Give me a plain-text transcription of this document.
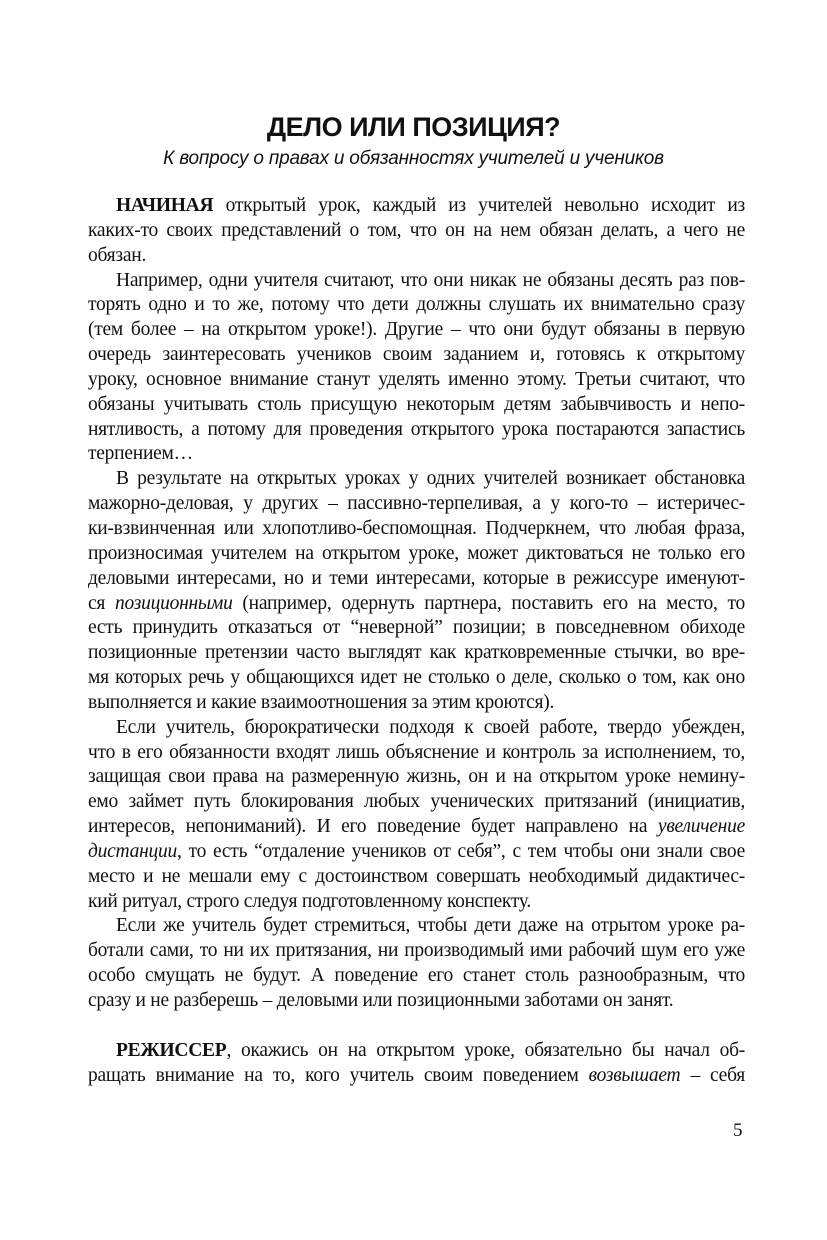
ДЕЛО ИЛИ ПОЗИЦИЯ?
К вопросу о правах и обязанностях учителей и учеников
НАЧИНАЯ открытый урок, каждый из учителей невольно исходит из
каких-то своих представлений о том, что он на нем обязан делать, а чего не
обязан.
Например, одни учителя считают, что они никак не обязаны десять раз пов-
торять одно и то же, потому что дети должны слушать их внимательно сразу
(тем более – на открытом уроке!). Другие – что они будут обязаны в первую
очередь заинтересовать учеников своим заданием и, готовясь к открытому
уроку, основное внимание станут уделять именно этому. Третьи считают, что
обязаны учитывать столь присущую некоторым детям забывчивость и непо-
нятливость, а потому для проведения открытого урока постараются запастись
терпением…
В результате на открытых уроках у одних учителей возникает обстановка
мажорно-деловая, у других – пассивно-терпеливая, а у кого-то – истеричес-
ки-взвинченная или хлопотливо-беспомощная. Подчеркнем, что любая фраза,
произносимая учителем на открытом уроке, может диктоваться не только его
деловыми интересами, но и теми интересами, которые в режиссуре именуют-
ся позиционными (например, одернуть партнера, поставить его на место, то
есть принудить отказаться от “неверной” позиции; в повседневном обиходе
позиционные претензии часто выглядят как кратковременные стычки, во вре-
мя которых речь у общающихся идет не столько о деле, сколько о том, как оно
выполняется и какие взаимоотношения за этим кроются).
Если учитель, бюрократически подходя к своей работе, твердо убежден,
что в его обязанности входят лишь объяснение и контроль за исполнением, то,
защищая свои права на размеренную жизнь, он и на открытом уроке немину-
емо займет путь блокирования любых ученических притязаний (инициатив,
интересов, непониманий). И его поведение будет направлено на увеличение
дистанции, то есть “отдаление учеников от себя”, с тем чтобы они знали свое
место и не мешали ему с достоинством совершать необходимый дидактичес-
кий ритуал, строго следуя подготовленному конспекту.
Если же учитель будет стремиться, чтобы дети даже на отрытом уроке ра-
ботали сами, то ни их притязания, ни производимый ими рабочий шум его уже
особо смущать не будут. А поведение его станет столь разнообразным, что
сразу и не разберешь – деловыми или позиционными заботами он занят.
РЕЖИССЕР, окажись он на открытом уроке, обязательно бы начал об-
ращать внимание на то, кого учитель своим поведением возвышает – себя
5
